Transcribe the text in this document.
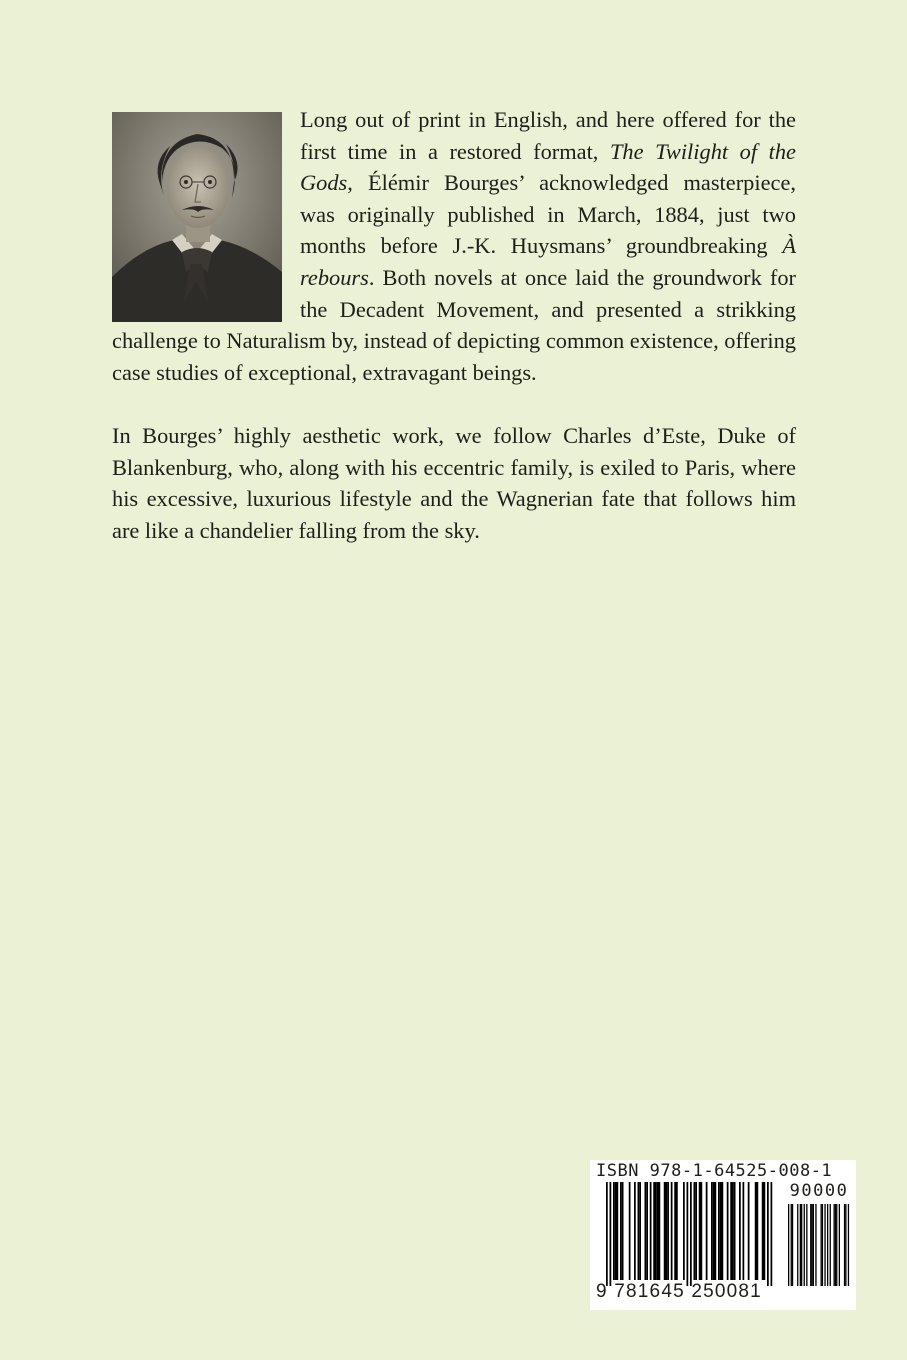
Long out of print in English, and here offered for the first time in a restored format, The Twilight of the Gods, Élémir Bourges’ acknowledged masterpiece, was originally published in March, 1884, just two months before J.-K. Huysmans’ groundbreaking À rebours. Both novels at once laid the groundwork for the Decadent Movement, and presented a strikking challenge to Naturalism by, instead of depicting common existence, offering case studies of exceptional, extravagant beings.

In Bourges’ highly aesthetic work, we follow Charles d’Este, Duke of Blankenburg, who, along with his eccentric family, is exiled to Paris, where his excessive, luxurious lifestyle and the Wagnerian fate that follows him are like a chandelier falling from the sky.

ISBN 978-1-64525-008-1
90000
9 781645 250081
